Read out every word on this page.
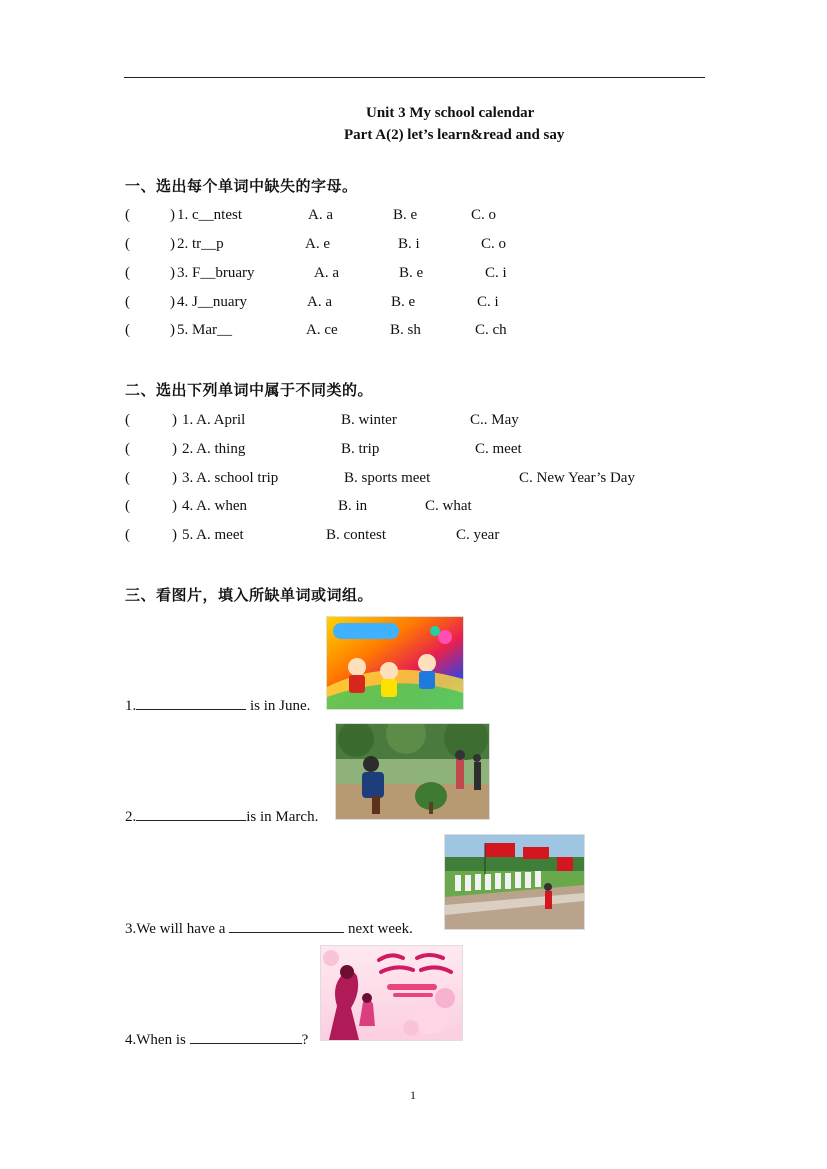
Unit 3 My school calendar
Part A(2) let’s learn&read and say
一、选出每个单词中缺失的字母。
(	) 1. c__ntest	A. a	B. e	C. o
(	) 2. tr__p	A. e	B. i	C. o
(	) 3. F__bruary	A. a	B. e	C. i
(	) 4. J__nuary	A. a	B. e	C. i
(	) 5. Mar__	A. ce	B. sh	C. ch
二、选出下列单词中属于不同类的。
(	) 1. A. April	B. winter	C.. May
(	) 2. A. thing	B. trip	C. meet
(	) 3. A. school trip	B. sports meet	C. New Year’s Day
(	) 4. A. when	B. in	C. what
(	) 5. A. meet	B. contest	C. year
三、看图片，填入所缺单词或词组。
1.	is in June.
2.	is in March.
3.We will have a	next week.
4.When is	?
1
